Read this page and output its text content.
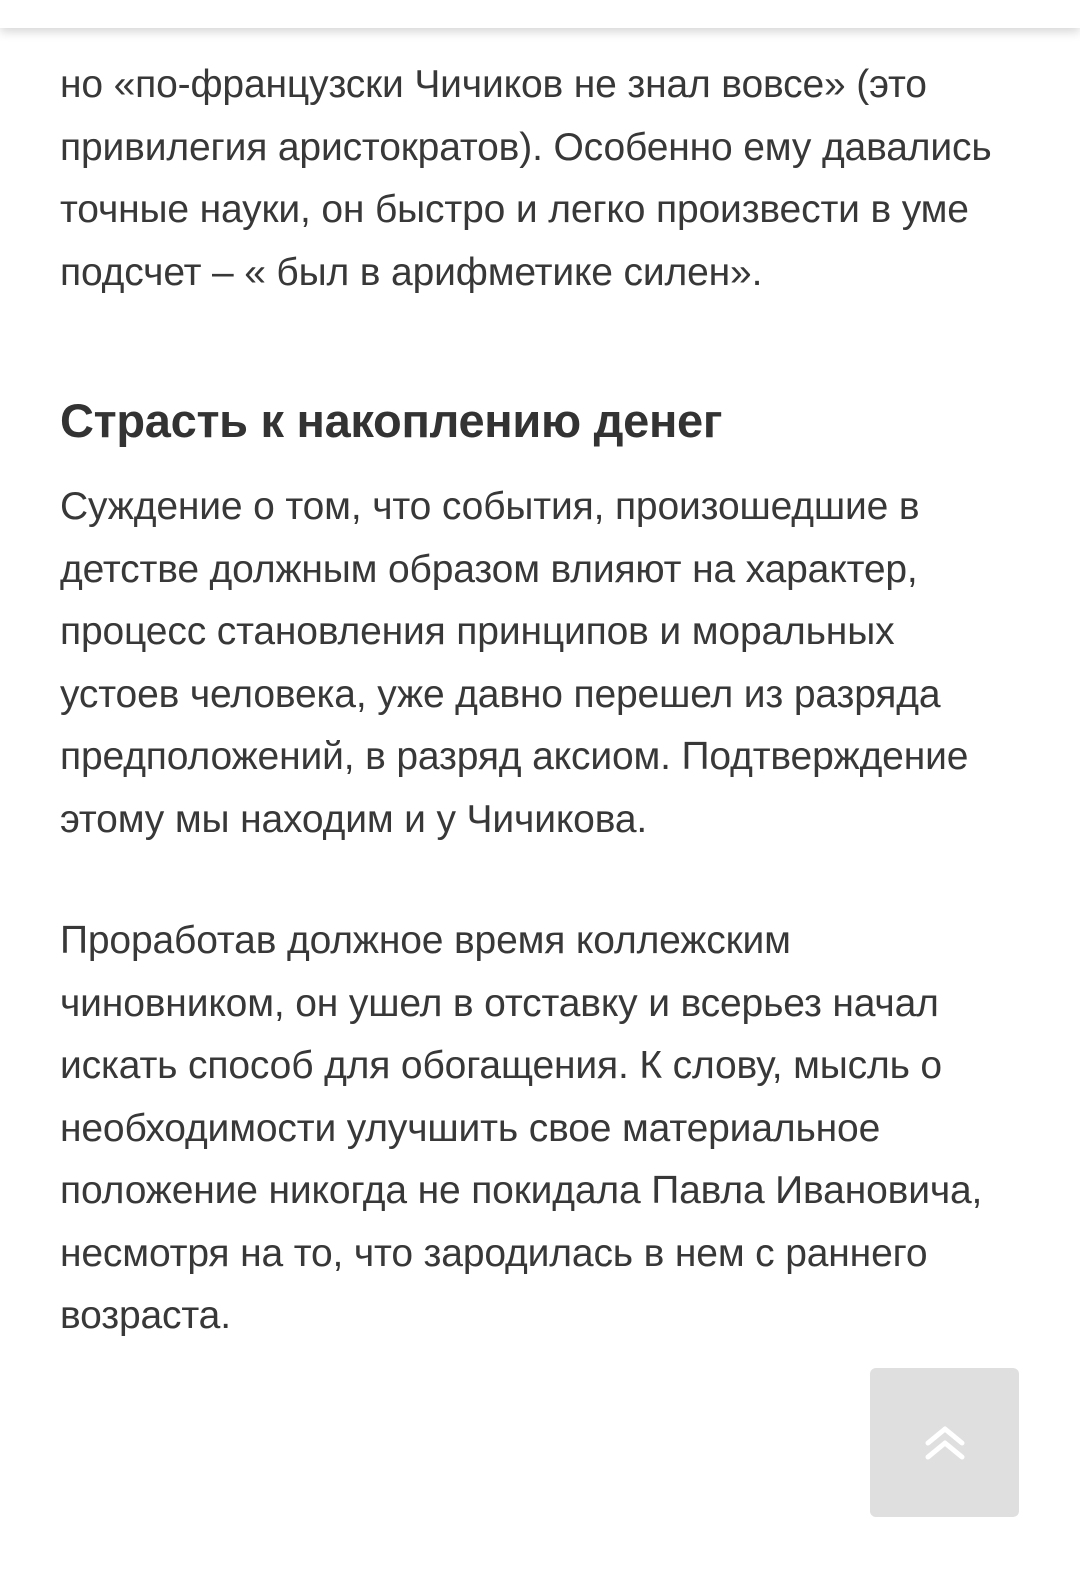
но «по-французски Чичиков не знал вовсе» (это привилегия аристократов). Особенно ему давались точные науки, он быстро и легко произвести в уме подсчет – « был в арифметике силен».

Страсть к накоплению денег

Суждение о том, что события, произошедшие в детстве должным образом влияют на характер, процесс становления принципов и моральных устоев человека, уже давно перешел из разряда предположений, в разряд аксиом. Подтверждение этому мы находим и у Чичикова.

Проработав должное время коллежским чиновником, он ушел в отставку и всерьез начал искать способ для обогащения. К слову, мысль о необходимости улучшить свое материальное положение никогда не покидала Павла Ивановича, несмотря на то, что зародилась в нем с раннего возраста.
